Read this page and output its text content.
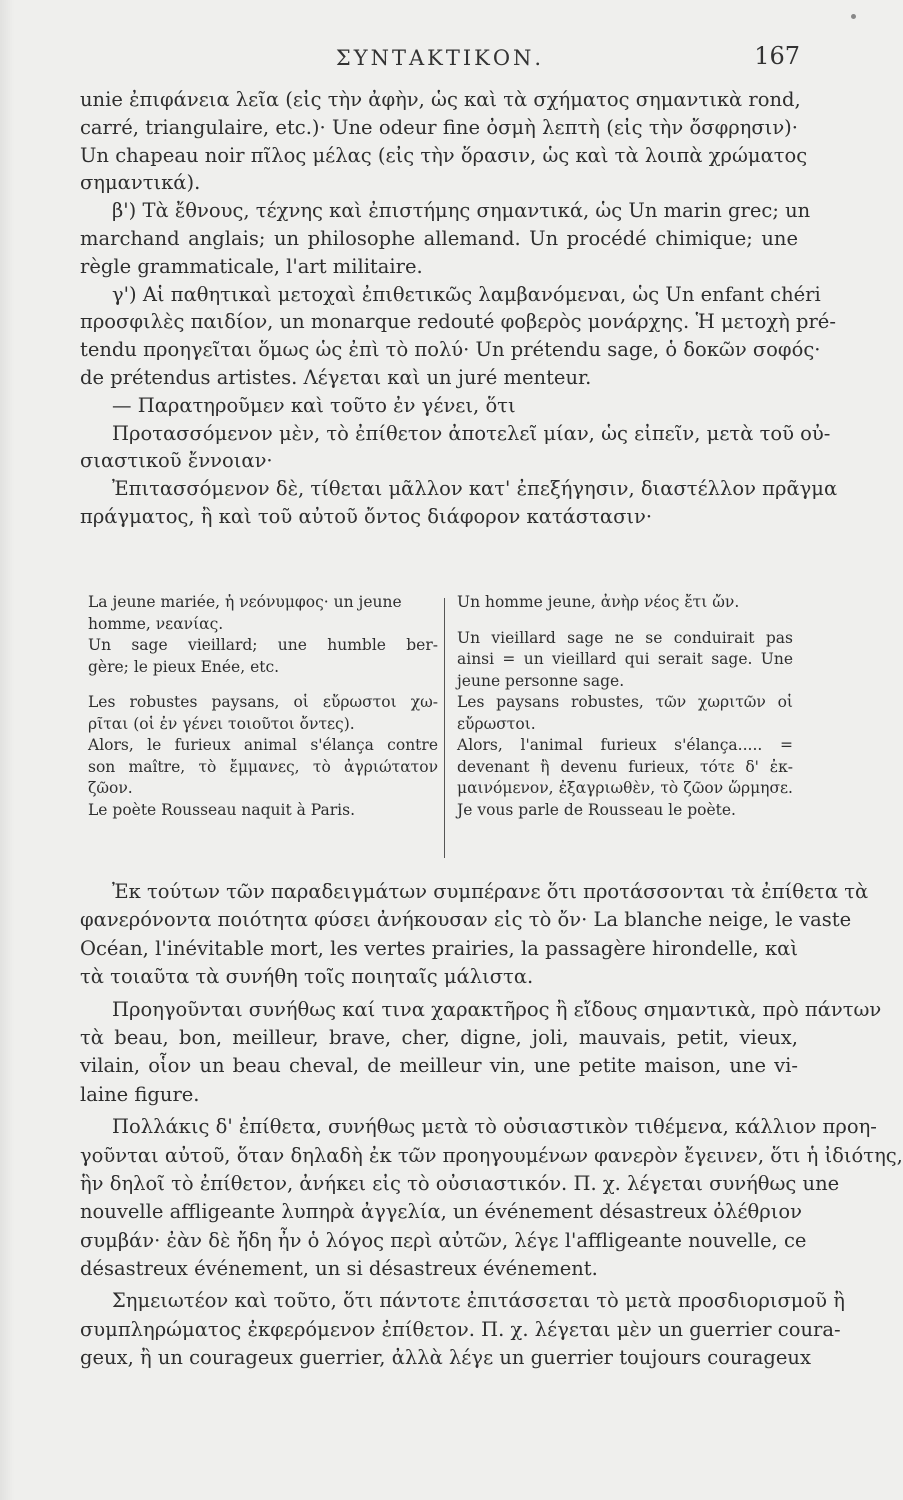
ΣΥΝΤΑΚΤΙΚΟΝ.	167
unie ἐπιφάνεια λεῖα (εἰς τὴν ἀφὴν, ὡς καὶ τὰ σχήματος σημαντικὰ rond,
carré, triangulaire, etc.)· Une odeur fine ὀσμὴ λεπτὴ (εἰς τὴν ὄσφρησιν)·
Un chapeau noir πῖλος μέλας (εἰς τὴν ὅρασιν, ὡς καὶ τὰ λοιπὰ χρώματος
σημαντικά).
β') Τὰ ἔθνους, τέχνης καὶ ἐπιστήμης σημαντικά, ὡς Un marin grec; un
marchand anglais; un philosophe allemand. Un procédé chimique; une
règle grammaticale, l'art militaire.
γ') Αἱ παθητικαὶ μετοχαὶ ἐπιθετικῶς λαμβανόμεναι, ὡς Un enfant chéri
προσφιλὲς παιδίον, un monarque redouté φοβερὸς μονάρχης. Ἡ μετοχὴ pré-
tendu προηγεῖται ὅμως ὡς ἐπὶ τὸ πολύ· Un prétendu sage, ὁ δοκῶν σοφός·
de prétendus artistes. Λέγεται καὶ un juré menteur.
— Παρατηροῦμεν καὶ τοῦτο ἐν γένει, ὅτι
Προτασσόμενον μὲν, τὸ ἐπίθετον ἀποτελεῖ μίαν, ὡς εἰπεῖν, μετὰ τοῦ οὐ-
σιαστικοῦ ἔννοιαν·
Ἐπιτασσόμενον δὲ, τίθεται μᾶλλον κατ' ἐπεξήγησιν, διαστέλλον πρᾶγμα
πράγματος, ἢ καὶ τοῦ αὐτοῦ ὄντος διάφορον κατάστασιν·
La jeune mariée, ἡ νεόνυμφος· un jeune
homme, νεανίας.
Un sage vieillard; une humble ber-
gère; le pieux Enée, etc.
Les robustes paysans, οἱ εὔρωστοι χω-
ρῖται (οἱ ἐν γένει τοιοῦτοι ὄντες).
Alors, le furieux animal s'élança contre
son maître, τὸ ἔμμανες, τὸ ἀγριώτατον
ζῶον.
Le poète Rousseau naquit à Paris.
Un homme jeune, ἀνὴρ νέος ἔτι ὤν.
Un vieillard sage ne se conduirait pas
ainsi = un vieillard qui serait sage. Une
jeune personne sage.
Les paysans robustes, τῶν χωριτῶν οἱ
εὔρωστοι.
Alors, l'animal furieux s'élança..... =
devenant ἢ devenu furieux, τότε δ' ἐκ-
μαινόμενον, ἐξαγριωθὲν, τὸ ζῶον ὥρμησε.
Je vous parle de Rousseau le poète.
Ἐκ τούτων τῶν παραδειγμάτων συμπέρανε ὅτι προτάσσονται τὰ ἐπίθετα τὰ
φανερόνοντα ποιότητα φύσει ἀνήκουσαν εἰς τὸ ὄν· La blanche neige, le vaste
Océan, l'inévitable mort, les vertes prairies, la passagère hirondelle, καὶ
τὰ τοιαῦτα τὰ συνήθη τοῖς ποιηταῖς μάλιστα.
Προηγοῦνται συνήθως καί τινα χαρακτῆρος ἢ εἴδους σημαντικὰ, πρὸ πάντων
τὰ beau, bon, meilleur, brave, cher, digne, joli, mauvais, petit, vieux,
vilain, οἷον un beau cheval, de meilleur vin, une petite maison, une vi-
laine figure.
Πολλάκις δ' ἐπίθετα, συνήθως μετὰ τὸ οὐσιαστικὸν τιθέμενα, κάλλιον προη-
γοῦνται αὐτοῦ, ὅταν δηλαδὴ ἐκ τῶν προηγουμένων φανερὸν ἔγεινεν, ὅτι ἡ ἰδιότης,
ἣν δηλοῖ τὸ ἐπίθετον, ἀνήκει εἰς τὸ οὐσιαστικόν. Π. χ. λέγεται συνήθως une
nouvelle affligeante λυπηρὰ ἀγγελία, un événement désastreux ὀλέθριον
συμβάν· ἐὰν δὲ ἤδη ἦν ὁ λόγος περὶ αὐτῶν, λέγε l'affligeante nouvelle, ce
désastreux événement, un si désastreux événement.
Σημειωτέον καὶ τοῦτο, ὅτι πάντοτε ἐπιτάσσεται τὸ μετὰ προσδιορισμοῦ ἢ
συμπληρώματος ἐκφερόμενον ἐπίθετον. Π. χ. λέγεται μὲν un guerrier coura-
geux, ἢ un courageux guerrier, ἀλλὰ λέγε un guerrier toujours courageux
